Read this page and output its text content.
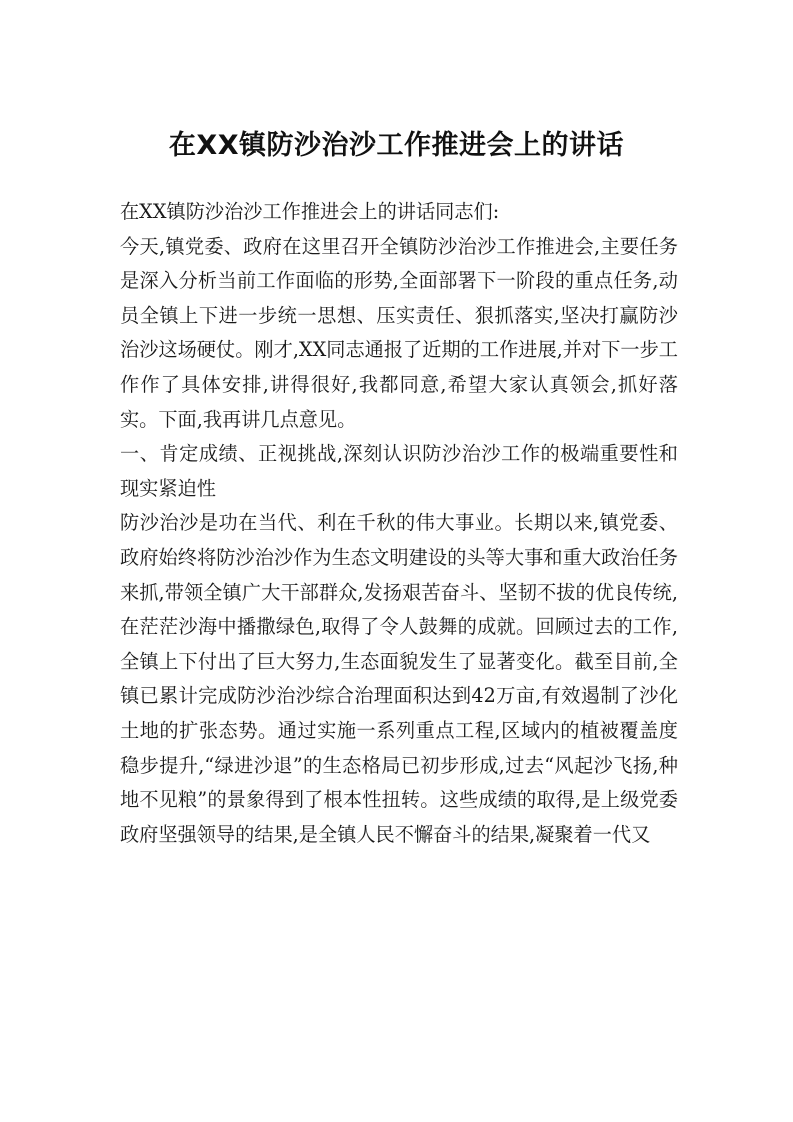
在XX镇防沙治沙工作推进会上的讲话

在XX镇防沙治沙工作推进会上的讲话同志们:

今天,镇党委、政府在这里召开全镇防沙治沙工作推进会,主要任务是深入分析当前工作面临的形势,全面部署下一阶段的重点任务,动员全镇上下进一步统一思想、压实责任、狠抓落实,坚决打赢防沙治沙这场硬仗。刚才,XX同志通报了近期的工作进展,并对下一步工作作了具体安排,讲得很好,我都同意,希望大家认真领会,抓好落实。下面,我再讲几点意见。

一、肯定成绩、正视挑战,深刻认识防沙治沙工作的极端重要性和现实紧迫性

防沙治沙是功在当代、利在千秋的伟大事业。长期以来,镇党委、政府始终将防沙治沙作为生态文明建设的头等大事和重大政治任务来抓,带领全镇广大干部群众,发扬艰苦奋斗、坚韧不拔的优良传统,在茫茫沙海中播撒绿色,取得了令人鼓舞的成就。回顾过去的工作,全镇上下付出了巨大努力,生态面貌发生了显著变化。截至目前,全镇已累计完成防沙治沙综合治理面积达到42万亩,有效遏制了沙化土地的扩张态势。通过实施一系列重点工程,区域内的植被覆盖度稳步提升,“绿进沙退”的生态格局已初步形成,过去“风起沙飞扬,种地不见粮”的景象得到了根本性扭转。这些成绩的取得,是上级党委政府坚强领导的结果,是全镇人民不懈奋斗的结果,凝聚着一代又
